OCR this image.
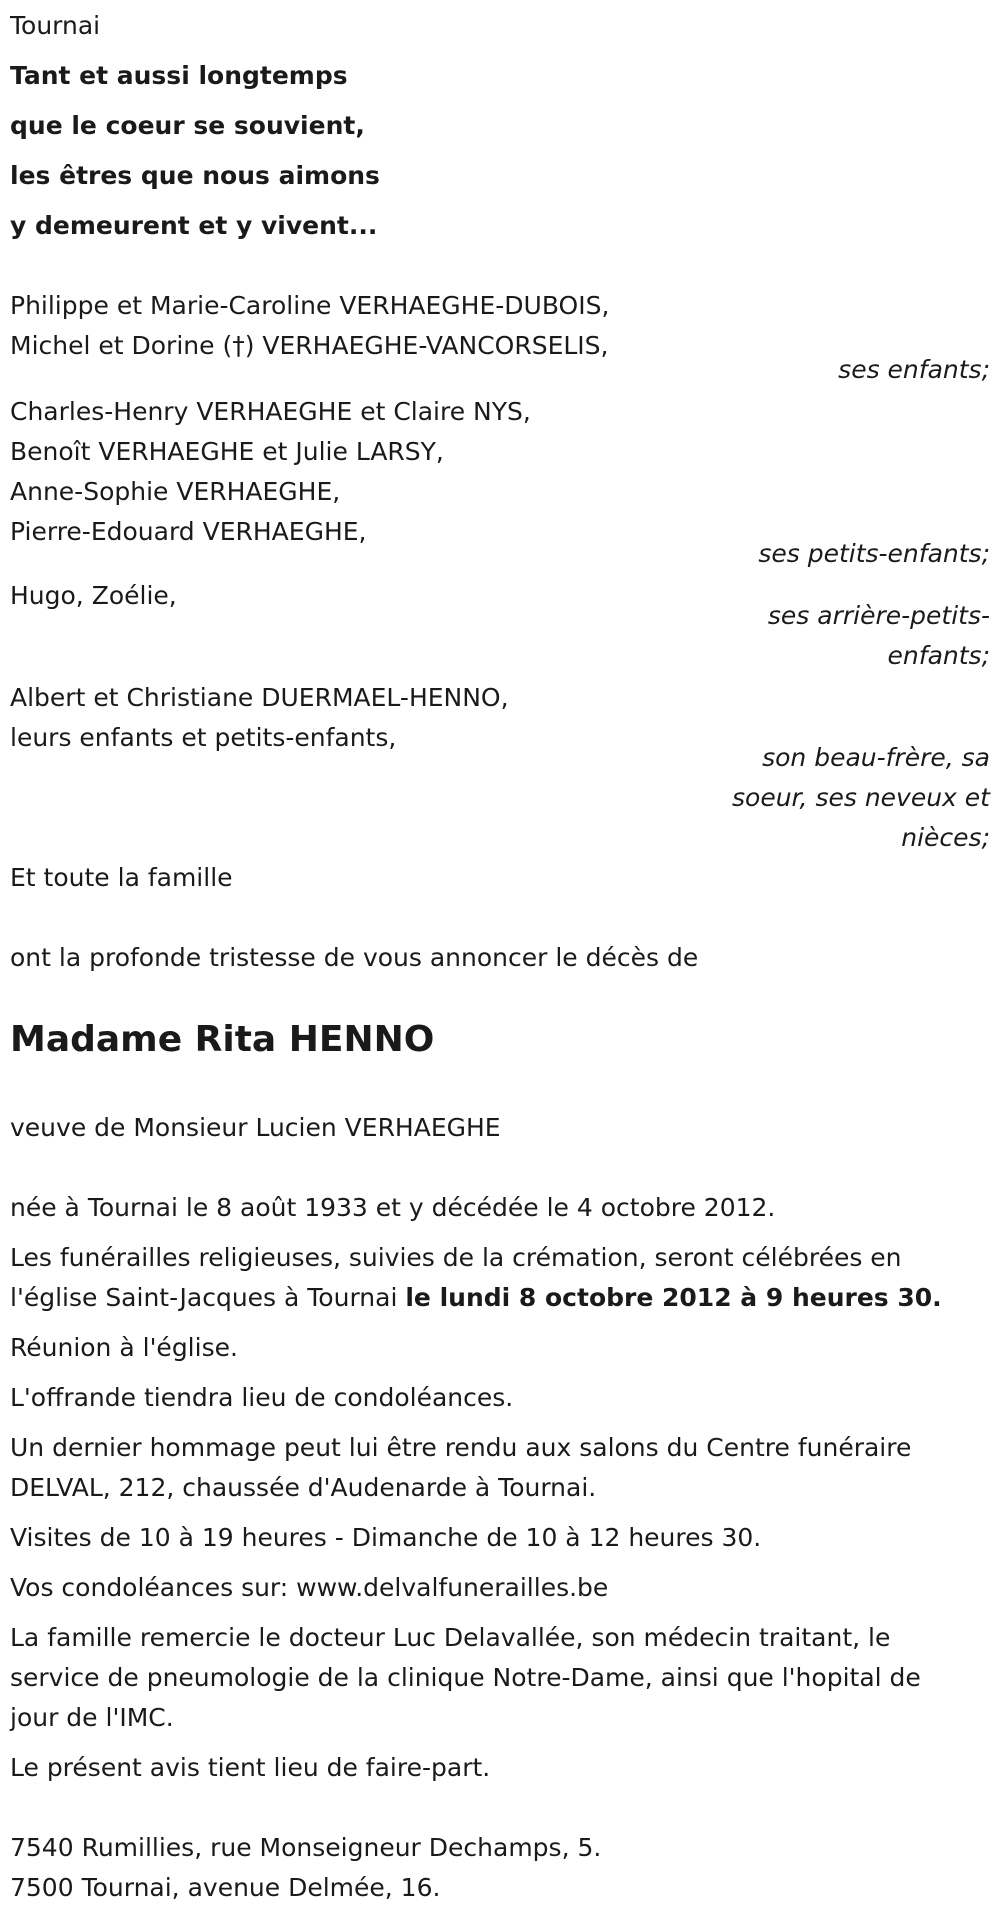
Tournai
Tant et aussi longtemps
que le coeur se souvient,
les êtres que nous aimons
y demeurent et y vivent...
Philippe et Marie-Caroline VERHAEGHE-DUBOIS,
Michel et Dorine (†) VERHAEGHE-VANCORSELIS,
ses enfants;
Charles-Henry VERHAEGHE et Claire NYS,
Benoît VERHAEGHE et Julie LARSY,
Anne-Sophie VERHAEGHE,
Pierre-Edouard VERHAEGHE,
ses petits-enfants;
Hugo, Zoélie,
ses arrière-petits-
enfants;
Albert et Christiane DUERMAEL-HENNO,
leurs enfants et petits-enfants,
son beau-frère, sa
soeur, ses neveux et
nièces;
Et toute la famille
ont la profonde tristesse de vous annoncer le décès de
Madame Rita HENNO
veuve de Monsieur Lucien VERHAEGHE
née à Tournai le 8 août 1933 et y décédée le 4 octobre 2012.
Les funérailles religieuses, suivies de la crémation, seront célébrées en
l'église Saint-Jacques à Tournai le lundi 8 octobre 2012 à 9 heures 30.
Réunion à l'église.
L'offrande tiendra lieu de condoléances.
Un dernier hommage peut lui être rendu aux salons du Centre funéraire
DELVAL, 212, chaussée d'Audenarde à Tournai.
Visites de 10 à 19 heures - Dimanche de 10 à 12 heures 30.
Vos condoléances sur: www.delvalfunerailles.be
La famille remercie le docteur Luc Delavallée, son médecin traitant, le
service de pneumologie de la clinique Notre-Dame, ainsi que l'hopital de
jour de l'IMC.
Le présent avis tient lieu de faire-part.
7540 Rumillies, rue Monseigneur Dechamps, 5.
7500 Tournai, avenue Delmée, 16.
